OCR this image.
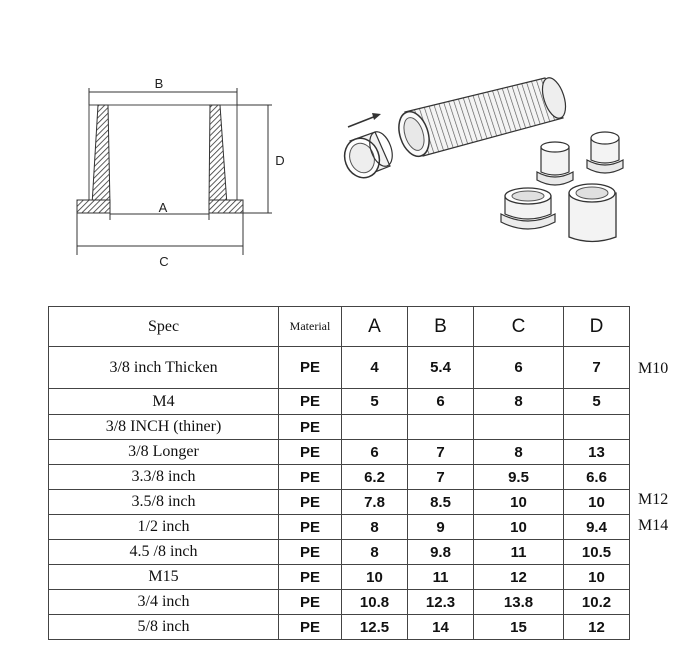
B
A
C
D
Spec	Material	A	B	C	D
3/8 inch Thicken	PE	4	5.4	6	7
M4	PE	5	6	8	5
3/8 INCH (thiner)	PE				
3/8 Longer	PE	6	7	8	13
3.3/8 inch	PE	6.2	7	9.5	6.6
3.5/8 inch	PE	7.8	8.5	10	10
1/2 inch	PE	8	9	10	9.4
4.5 /8 inch	PE	8	9.8	11	10.5
M15	PE	10	11	12	10
3/4 inch	PE	10.8	12.3	13.8	10.2
5/8 inch	PE	12.5	14	15	12
M10
M12
M14
